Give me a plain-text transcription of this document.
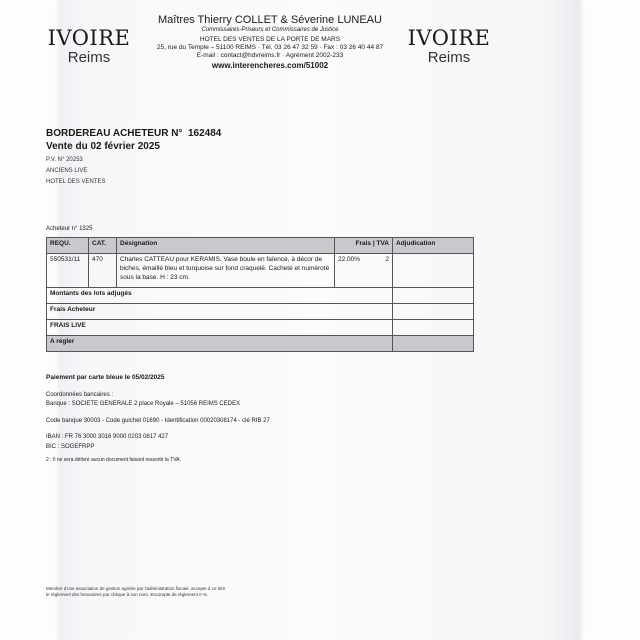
IVOIRE
Reims
IVOIRE
Reims
Maîtres Thierry COLLET & Séverine LUNEAU
Commissaires-Priseurs et Commissaires de Justice
HOTEL DES VENTES DE LA PORTE DE MARS
25, rue du Temple – 51100 REIMS · Tél. 03 26 47 32 59 · Fax : 03 26 40 44 87
E-mail : contact@hdvreims.fr · Agrément 2002-233
www.interencheres.com/51002
BORDEREAU ACHETEUR N° 162484
Vente du 02 février 2025
P.V. N° 20253
ANCIENS LIVE
HOTEL DES VENTES
Acheteur n° 1325
REQU.	CAT.	Désignation	Frais | TVA	Adjudication
550531/11	470	Charles CATTEAU pour KERAMIS. Vase boule en faïence, à décor de biches, émaillé bleu et turquoise sur fond craquelé. Cacheté et numéroté sous la base. H : 23 cm.	22.00% 2	

Montants des lots adjugés				
Frais Acheteur				
FRAIS LIVE				
A régler				
Paiement par carte bleue le 05/02/2025
Coordonnées bancaires :
Banque : SOCIETE GENERALE 2 place Royale – 51056 REIMS CEDEX
Code banque 30003 - Code guichet 01690 - Identification 00020308174 - clé RIB 27
IBAN : FR 76 3000 3016 9000 0203 0817 427
BIC : SOGEFRPP
2 : Il ne sera délivré aucun document faisant ressortir la TVA.
Membre d'une association de gestion agréée par l'administration fiscale, accepte à ce titre
le règlement des honoraires par chèque à son nom. Escompte de règlement 0 %.
